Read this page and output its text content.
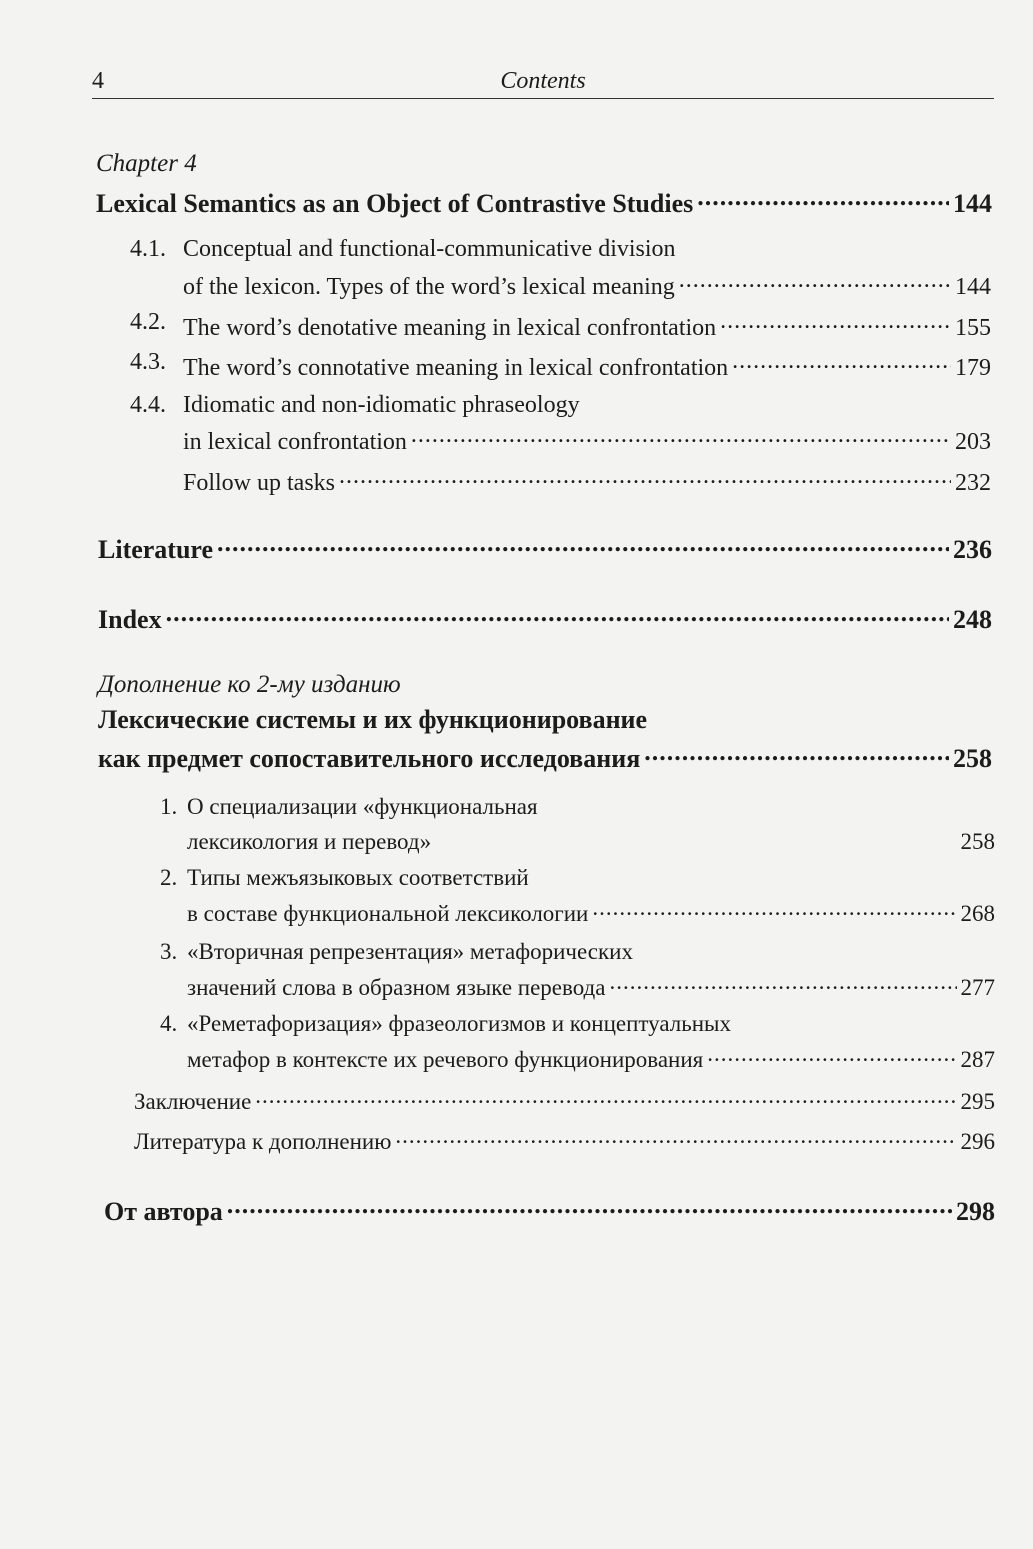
4	Contents
Chapter 4
Lexical Semantics as an Object of Contrastive Studies .....	144
4.1. Conceptual and functional-communicative division
of the lexicon. Types of the word’s lexical meaning .....	144
4.2. The word’s denotative meaning in lexical confrontation .....	155
4.3. The word’s connotative meaning in lexical confrontation .....	179
4.4. Idiomatic and non-idiomatic phraseology
in lexical confrontation .....	203
Follow up tasks .....	232
Literature .....	236
Index .....	248
Дополнение ко 2-му изданию
Лексические системы и их функционирование
как предмет сопоставительного исследования .....	258
1. О специализации «функциональная
лексикология и перевод»	258
2. Типы межъязыковых соответствий
в составе функциональной лексикологии .....	268
3. «Вторичная репрезентация» метафорических
значений слова в образном языке перевода .....	277
4. «Реметафоризация» фразеологизмов и концептуальных
метафор в контексте их речевого функционирования .....	287
Заключение .....	295
Литература к дополнению .....	296
От автора .....	298
